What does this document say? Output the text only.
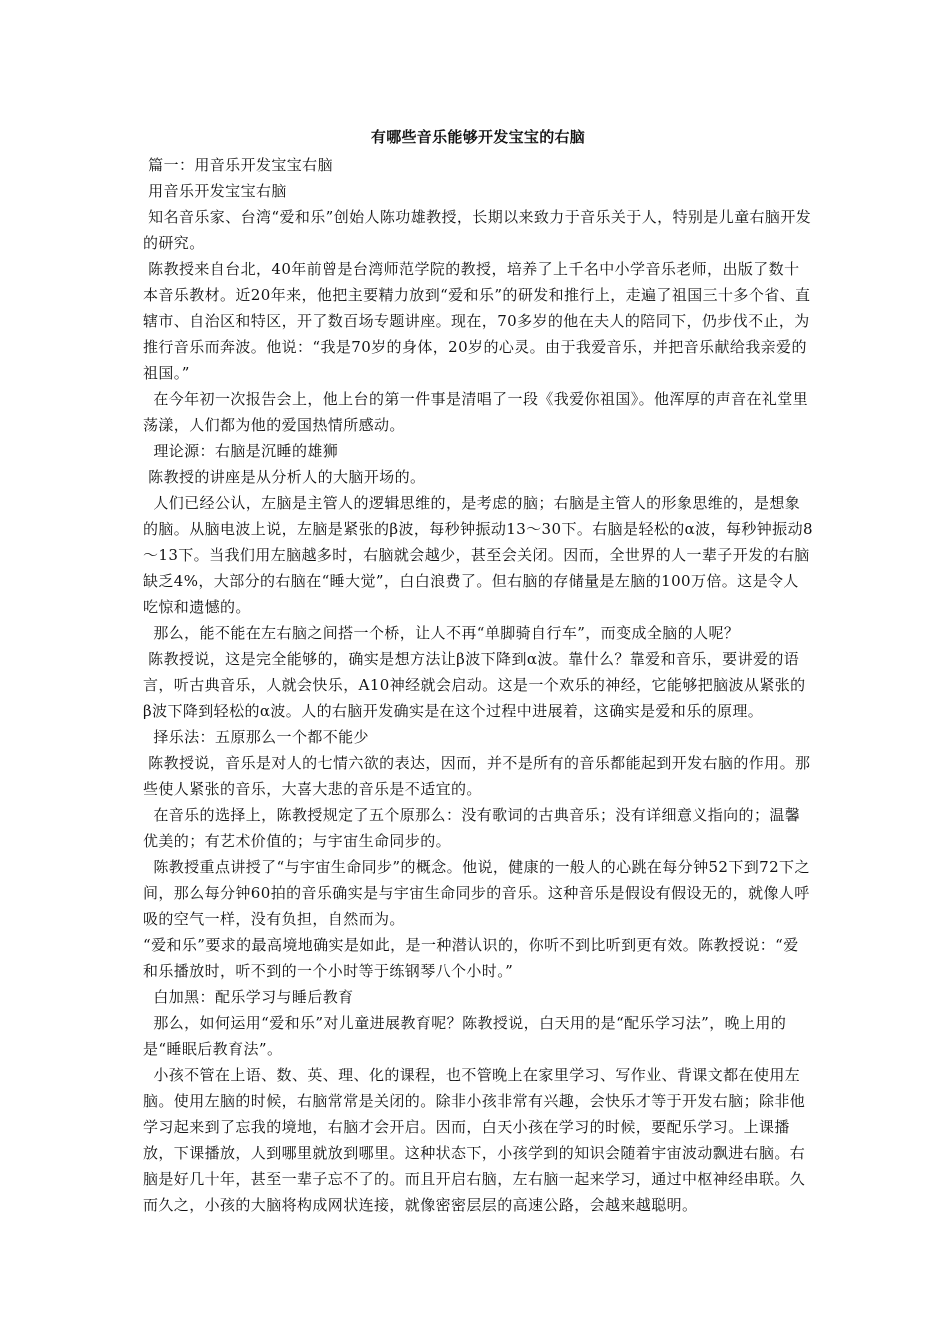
有哪些音乐能够开发宝宝的右脑

篇一：用音乐开发宝宝右脑

用音乐开发宝宝右脑

知名音乐家、台湾“爱和乐”创始人陈功雄教授，长期以来致力于音乐关于人，特别是儿童右脑开发的研究。

陈教授来自台北，40年前曾是台湾师范学院的教授，培养了上千名中小学音乐老师，出版了数十本音乐教材。近20年来，他把主要精力放到“爱和乐”的研发和推行上，走遍了祖国三十多个省、直辖市、自治区和特区，开了数百场专题讲座。现在，70多岁的他在夫人的陪同下，仍步伐不止，为推行音乐而奔波。他说：“我是70岁的身体，20岁的心灵。由于我爱音乐，并把音乐献给我亲爱的祖国。”

在今年初一次报告会上，他上台的第一件事是清唱了一段《我爱你祖国》。他浑厚的声音在礼堂里荡漾，人们都为他的爱国热情所感动。

理论源：右脑是沉睡的雄狮

陈教授的讲座是从分析人的大脑开场的。

人们已经公认，左脑是主管人的逻辑思维的，是考虑的脑；右脑是主管人的形象思维的，是想象的脑。从脑电波上说，左脑是紧张的β波，每秒钟振动13～30下。右脑是轻松的α波，每秒钟振动8～13下。当我们用左脑越多时，右脑就会越少，甚至会关闭。因而，全世界的人一辈子开发的右脑缺乏4%，大部分的右脑在“睡大觉”，白白浪费了。但右脑的存储量是左脑的100万倍。这是令人吃惊和遗憾的。

那么，能不能在左右脑之间搭一个桥，让人不再“单脚骑自行车”，而变成全脑的人呢？

陈教授说，这是完全能够的，确实是想方法让β波下降到α波。靠什么？靠爱和音乐，要讲爱的语言，听古典音乐，人就会快乐，A10神经就会启动。这是一个欢乐的神经，它能够把脑波从紧张的β波下降到轻松的α波。人的右脑开发确实是在这个过程中进展着，这确实是爱和乐的原理。

择乐法：五原那么一个都不能少

陈教授说，音乐是对人的七情六欲的表达，因而，并不是所有的音乐都能起到开发右脑的作用。那些使人紧张的音乐，大喜大悲的音乐是不适宜的。

在音乐的选择上，陈教授规定了五个原那么：没有歌词的古典音乐；没有详细意义指向的；温馨优美的；有艺术价值的；与宇宙生命同步的。

陈教授重点讲授了“与宇宙生命同步”的概念。他说，健康的一般人的心跳在每分钟52下到72下之间，那么每分钟60拍的音乐确实是与宇宙生命同步的音乐。这种音乐是假设有假设无的，就像人呼吸的空气一样，没有负担，自然而为。

“爱和乐”要求的最高境地确实是如此，是一种潜认识的，你听不到比听到更有效。陈教授说：“爱和乐播放时，听不到的一个小时等于练钢琴八个小时。”

白加黑：配乐学习与睡后教育

那么，如何运用“爱和乐”对儿童进展教育呢？陈教授说，白天用的是“配乐学习法”，晚上用的是“睡眠后教育法”。

小孩不管在上语、数、英、理、化的课程，也不管晚上在家里学习、写作业、背课文都在使用左脑。使用左脑的时候，右脑常常是关闭的。除非小孩非常有兴趣，会快乐才等于开发右脑；除非他学习起来到了忘我的境地，右脑才会开启。因而，白天小孩在学习的时候，要配乐学习。上课播放，下课播放，人到哪里就放到哪里。这种状态下，小孩学到的知识会随着宇宙波动飘进右脑。右脑是好几十年，甚至一辈子忘不了的。而且开启右脑，左右脑一起来学习，通过中枢神经串联。久而久之，小孩的大脑将构成网状连接，就像密密层层的高速公路，会越来越聪明。
